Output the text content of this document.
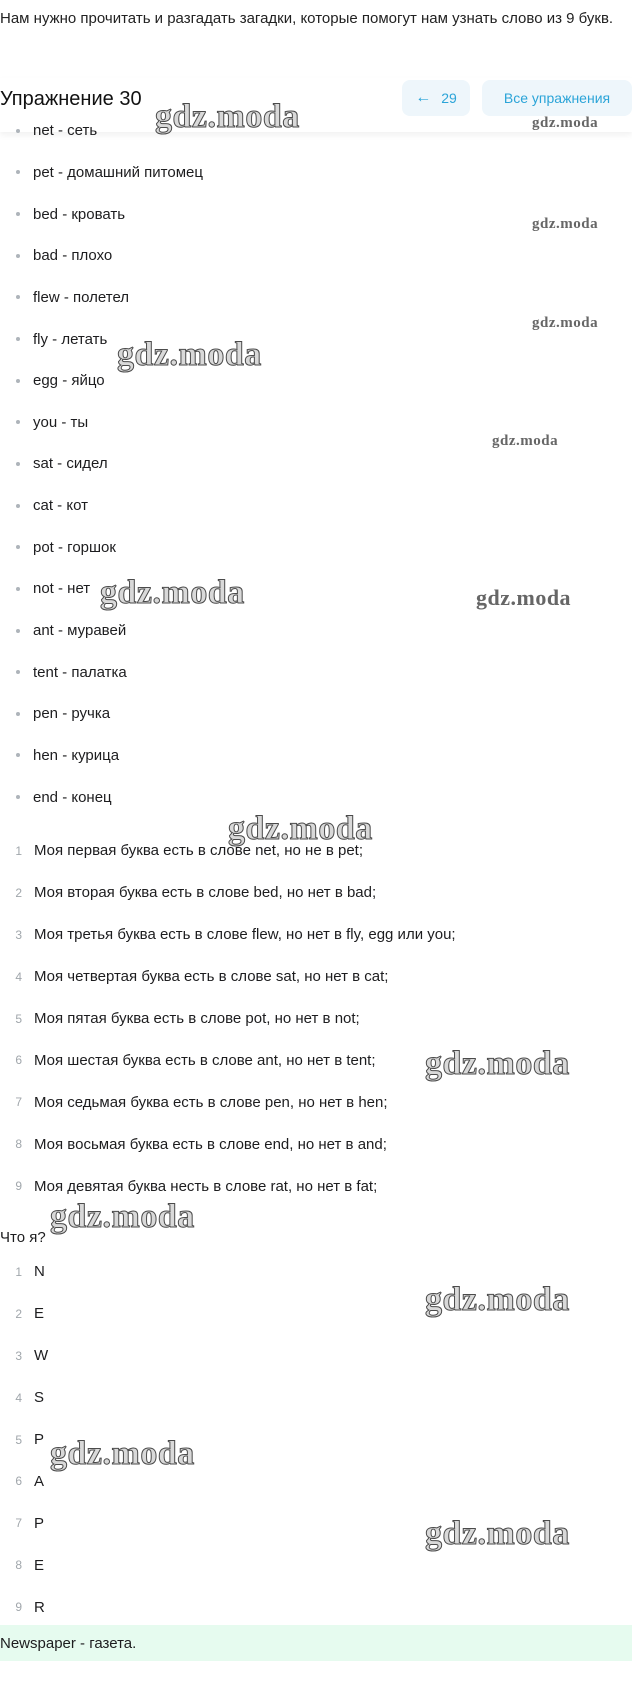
Нам нужно прочитать и разгадать загадки, которые помогут нам узнать слово из 9 букв.
Упражнение 30	← 29	Все упражнения
net - сеть
pet - домашний питомец
bed - кровать
bad - плохо
flew - полетел
fly - летать
egg - яйцо
you - ты
sat - сидел
cat - кот
pot - горшок
not - нет
ant - муравей
tent - палатка
pen - ручка
hen - курица
end - конец
1 Моя первая буква есть в слове net, но не в pet;
2 Моя вторая буква есть в слове bed, но нет в bad;
3 Моя третья буква есть в слове flew, но нет в fly, egg или you;
4 Моя четвертая буква есть в слове sat, но нет в cat;
5 Моя пятая буква есть в слове pot, но нет в not;
6 Моя шестая буква есть в слове ant, но нет в tent;
7 Моя седьмая буква есть в слове pen, но нет в hen;
8 Моя восьмая буква есть в слове end, но нет в and;
9 Моя девятая буква несть в слове rat, но нет в fat;
Что я?
1 N
2 E
3 W
4 S
5 P
6 A
7 P
8 E
9 R
Newspaper - газета.
gdz.moda	gdz.moda
gdz.moda
gdz.moda
gdz.moda
gdz.moda
gdz.moda	gdz.moda
gdz.moda
gdz.moda
gdz.moda
gdz.moda
gdz.moda
gdz.moda
